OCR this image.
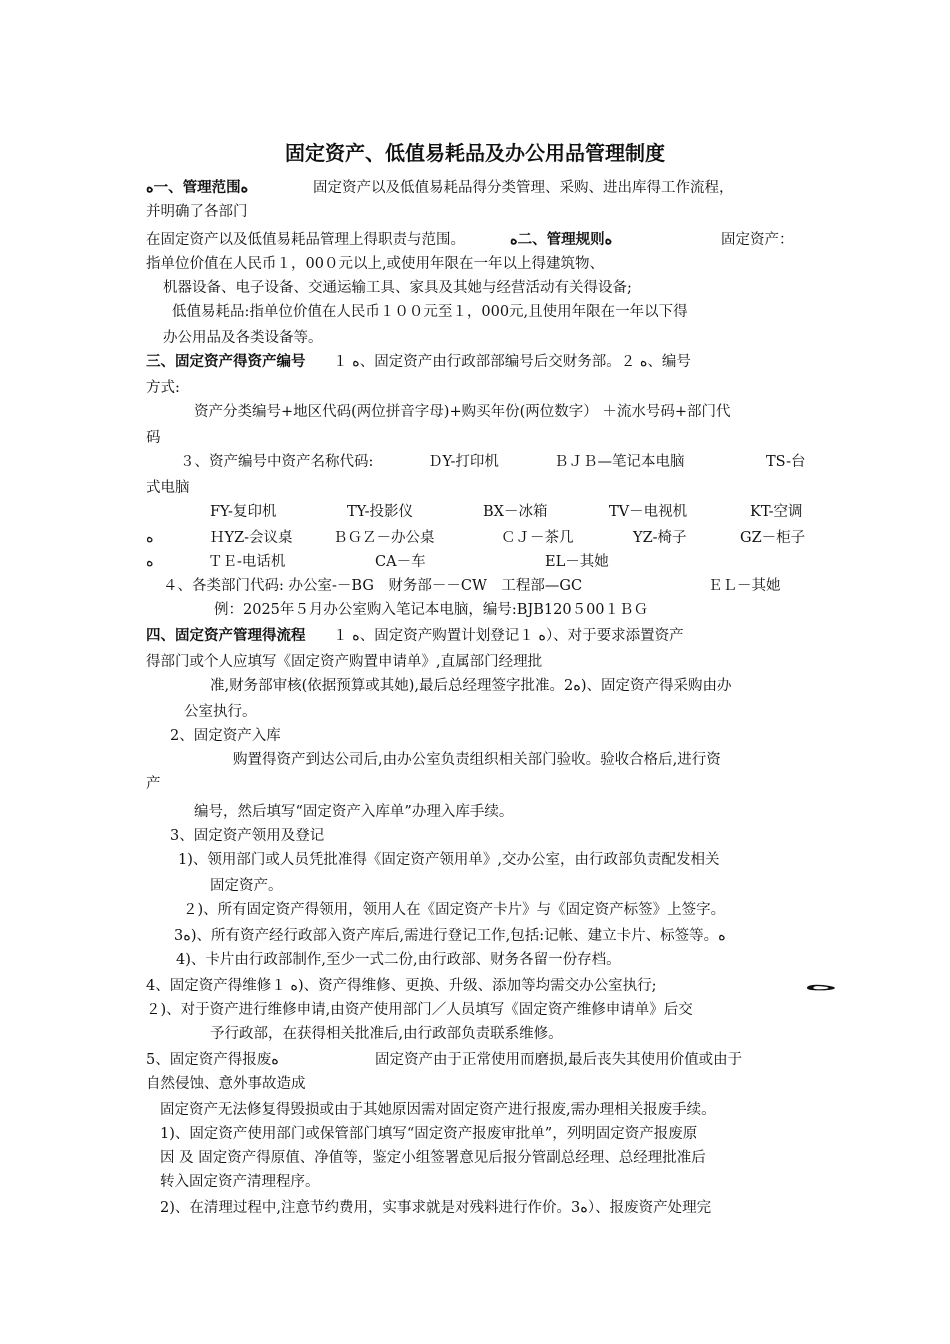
固定资产、低值易耗品及办公用品管理制度
ﻩ一、管理范围ﻩ	固定资产以及低值易耗品得分类管理、采购、进出库得工作流程，
并明确了各部门
在固定资产以及低值易耗品管理上得职责与范围。	ﻩ二、管理规则ﻩ	固定资产：
指单位价值在人民币１，00０元以上,或使用年限在一年以上得建筑物、
机器设备、电子设备、交通运输工具、家具及其她与经营活动有关得设备;
低值易耗品:指单位价值在人民币１００元至１，000元,且使用年限在一年以下得
办公用品及各类设备等。
三、固定资产得资产编号 １ ﻩ、固定资产由行政部部编号后交财务部。２ ﻩ、编号
方式:
资产分类编号+地区代码(两位拼音字母)+购买年份(两位数字） ＋流水号码+部门代
码
３、资产编号中资产名称代码:	ＤY-打印机	ＢＪＢ—笔记本电脑	TS-台
式电脑
FY-复印机	TY-投影仪	BX－冰箱	TV－电视机	KT-空调
ﻩ	ＨYZ-会议桌	ＢＧＺ－办公桌	ＣＪ－茶几	YZ-椅子	GZ－柜子
ﻩ	ＴＥ-电话机	CA－车	EL－其她
４、各类部门代码: 办公室-－BG　财务部－－CW　工程部—GC	ＥＬ－其她
例：2025年５月办公室购入笔记本电脑，编号:BJB120５00１ＢＧ
四、固定资产管理得流程 １ ﻩ、固定资产购置计划登记１ ﻩ）、对于要求添置资产
得部门或个人应填写《固定资产购置申请单》,直属部门经理批
准,财务部审核(依据预算或其她),最后总经理签字批准。2ﻩ)、固定资产得采购由办
公室执行。
2、固定资产入库
购置得资产到达公司后,由办公室负责组织相关部门验收。验收合格后,进行资
产
编号，然后填写“固定资产入库单”办理入库手续。
3、固定资产领用及登记
1)、领用部门或人员凭批准得《固定资产领用单》,交办公室，由行政部负责配发相关
固定资产。
２)、所有固定资产得领用，领用人在《固定资产卡片》与《固定资产标签》上签字。
3ﻩ)、所有资产经行政部入资产库后,需进行登记工作,包括:记帐、建立卡片、标签等。ﻩ
4)、卡片由行政部制作,至少一式二份,由行政部、财务各留一份存档。
4、固定资产得维修１ ﻩ)、资产得维修、更换、升级、添加等均需交办公室执行;	ﻩ
２)、对于资产进行维修申请,由资产使用部门／人员填写《固定资产维修申请单》后交
予行政部，在获得相关批准后,由行政部负责联系维修。
5、固定资产得报废ﻩ	固定资产由于正常使用而磨损,最后丧失其使用价值或由于
自然侵蚀、意外事故造成
固定资产无法修复得毁损或由于其她原因需对固定资产进行报废,需办理相关报废手续。
1)、固定资产使用部门或保管部门填写“固定资产报废审批单”，列明固定资产报废原
因 及 固定资产得原值、净值等，鉴定小组签署意见后报分管副总经理、总经理批准后
转入固定资产清理程序。
2)、在清理过程中,注意节约费用，实事求就是对残料进行作价。3ﻩ）、报废资产处理完
